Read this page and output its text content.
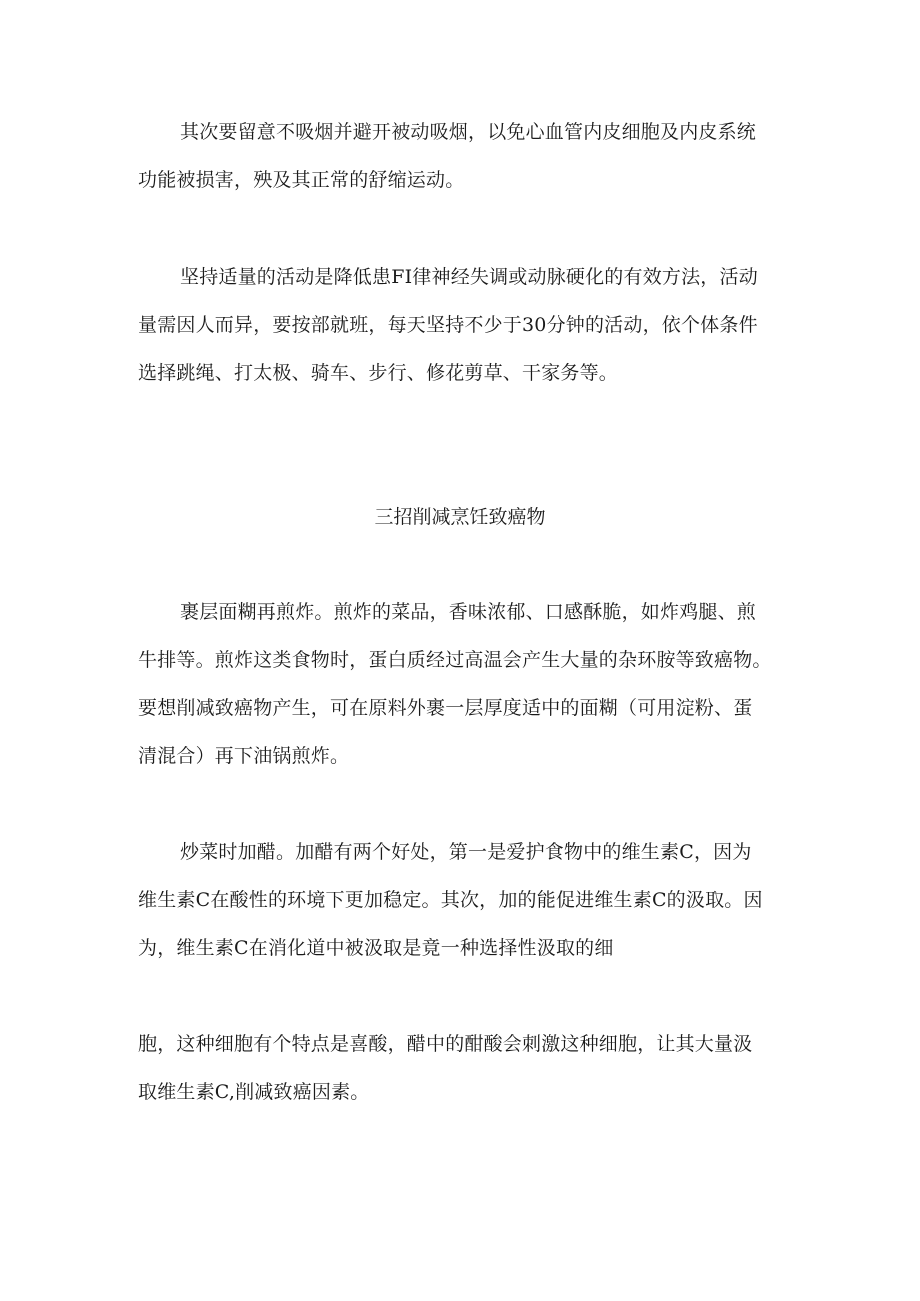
其次要留意不吸烟并避开被动吸烟，以免心血管内皮细胞及内皮系统
功能被损害，殃及其正常的舒缩运动。
坚持适量的活动是降低患FI律神经失调或动脉硬化的有效方法，活动
量需因人而异，要按部就班，每天坚持不少于30分钟的活动，依个体条件
选择跳绳、打太极、骑车、步行、修花剪草、干家务等。
三招削减烹饪致癌物
裹层面糊再煎炸。煎炸的菜品，香味浓郁、口感酥脆，如炸鸡腿、煎
牛排等。煎炸这类食物时，蛋白质经过高温会产生大量的杂环胺等致癌物。
要想削减致癌物产生，可在原料外裹一层厚度适中的面糊（可用淀粉、蛋
清混合）再下油锅煎炸。
炒菜时加醋。加醋有两个好处，第一是爱护食物中的维生素C，因为
维生素C在酸性的环境下更加稳定。其次，加的能促进维生素C的汲取。因
为，维生素C在消化道中被汲取是竟一种选择性汲取的细
胞，这种细胞有个特点是喜酸，醋中的酣酸会刺激这种细胞，让其大量汲
取维生素C,削减致癌因素。
